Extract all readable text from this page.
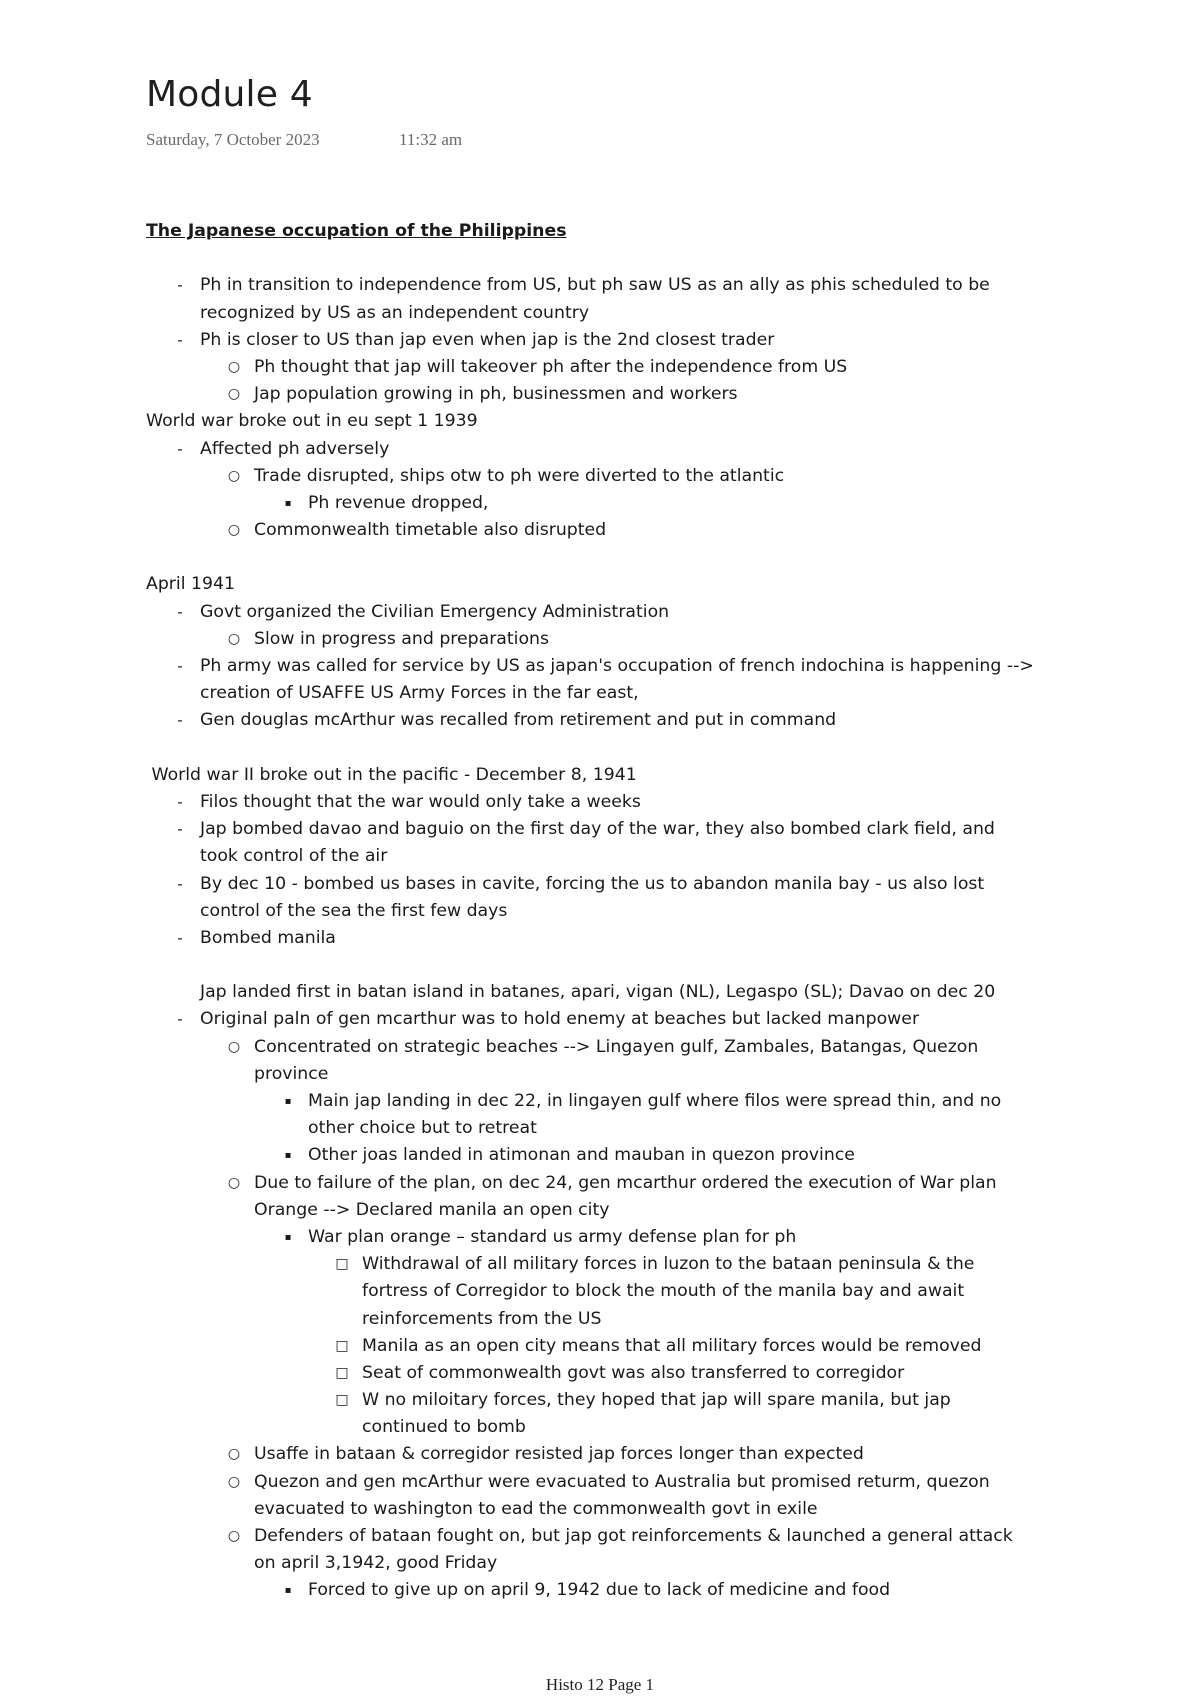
Module 4
Saturday, 7 October 2023	11:32 am
The Japanese occupation of the Philippines
- Ph in transition to independence from US, but ph saw US as an ally as phis scheduled to be
recognized by US as an independent country
- Ph is closer to US than jap even when jap is the 2nd closest trader
○ Ph thought that jap will takeover ph after the independence from US
○ Jap population growing in ph, businessmen and workers
World war broke out in eu sept 1 1939
- Affected ph adversely
○ Trade disrupted, ships otw to ph were diverted to the atlantic
▪ Ph revenue dropped,
○ Commonwealth timetable also disrupted
April 1941
- Govt organized the Civilian Emergency Administration
○ Slow in progress and preparations
- Ph army was called for service by US as japan's occupation of french indochina is happening -->
creation of USAFFE US Army Forces in the far east,
- Gen douglas mcArthur was recalled from retirement and put in command
World war II broke out in the pacific - December 8, 1941
- Filos thought that the war would only take a weeks
- Jap bombed davao and baguio on the first day of the war, they also bombed clark field, and
took control of the air
- By dec 10 - bombed us bases in cavite, forcing the us to abandon manila bay - us also lost
control of the sea the first few days
- Bombed manila
Jap landed first in batan island in batanes, apari, vigan (NL), Legaspo (SL); Davao on dec 20
- Original paln of gen mcarthur was to hold enemy at beaches but lacked manpower
○ Concentrated on strategic beaches --> Lingayen gulf, Zambales, Batangas, Quezon
province
▪ Main jap landing in dec 22, in lingayen gulf where filos were spread thin, and no
other choice but to retreat
▪ Other joas landed in atimonan and mauban in quezon province
○ Due to failure of the plan, on dec 24, gen mcarthur ordered the execution of War plan
Orange --> Declared manila an open city
▪ War plan orange – standard us army defense plan for ph
□ Withdrawal of all military forces in luzon to the bataan peninsula & the
fortress of Corregidor to block the mouth of the manila bay and await
reinforcements from the US
□ Manila as an open city means that all military forces would be removed
□ Seat of commonwealth govt was also transferred to corregidor
□ W no miloitary forces, they hoped that jap will spare manila, but jap
continued to bomb
○ Usaffe in bataan & corregidor resisted jap forces longer than expected
○ Quezon and gen mcArthur were evacuated to Australia but promised returm, quezon
evacuated to washington to ead the commonwealth govt in exile
○ Defenders of bataan fought on, but jap got reinforcements & launched a general attack
on april 3,1942, good Friday
▪ Forced to give up on april 9, 1942 due to lack of medicine and food
Histo 12 Page 1
